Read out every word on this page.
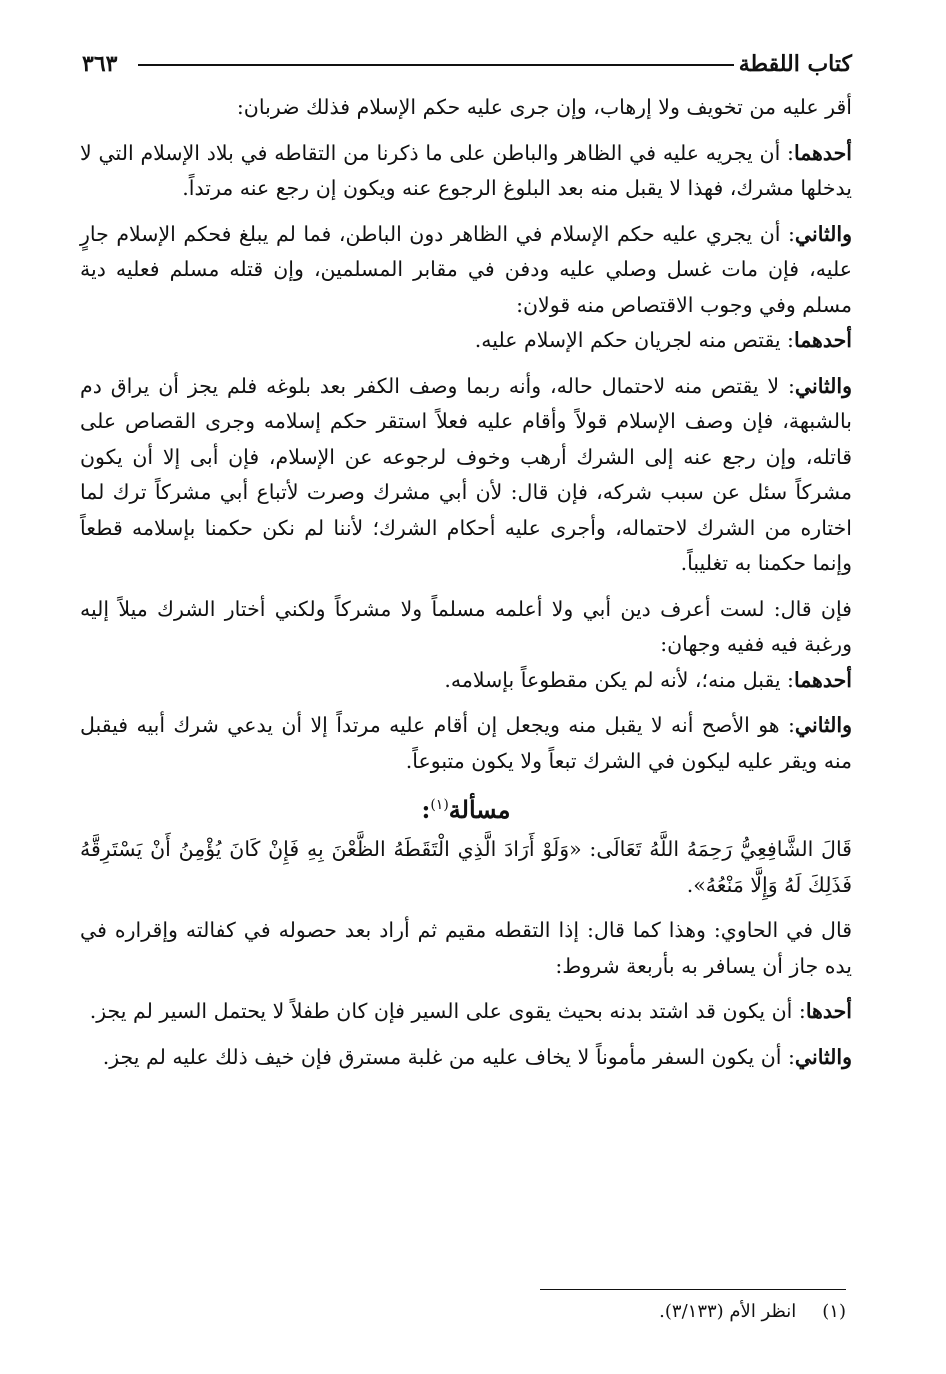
كتاب اللقطة
٣٦٣

أقر عليه من تخويف ولا إرهاب، وإن جرى عليه حكم الإسلام فذلك ضربان:

أحدهما: أن يجريه عليه في الظاهر والباطن على ما ذكرنا من التقاطه في بلاد الإسلام التي لا يدخلها مشرك، فهذا لا يقبل منه بعد البلوغ الرجوع عنه ويكون إن رجع عنه مرتداً.

والثاني: أن يجري عليه حكم الإسلام في الظاهر دون الباطن، فما لم يبلغ فحكم الإسلام جارٍ عليه، فإن مات غسل وصلي عليه ودفن في مقابر المسلمين، وإن قتله مسلم فعليه دية مسلم وفي وجوب الاقتصاص منه قولان:

أحدهما: يقتص منه لجريان حكم الإسلام عليه.

والثاني: لا يقتص منه لاحتمال حاله، وأنه ربما وصف الكفر بعد بلوغه فلم يجز أن يراق دم بالشبهة، فإن وصف الإسلام قولاً وأقام عليه فعلاً استقر حكم إسلامه وجرى القصاص على قاتله، وإن رجع عنه إلى الشرك أرهب وخوف لرجوعه عن الإسلام، فإن أبى إلا أن يكون مشركاً سئل عن سبب شركه، فإن قال: لأن أبي مشرك وصرت لأتباع أبي مشركاً ترك لما اختاره من الشرك لاحتماله، وأجرى عليه أحكام الشرك؛ لأننا لم نكن حكمنا بإسلامه قطعاً وإنما حكمنا به تغليباً.

فإن قال: لست أعرف دين أبي ولا أعلمه مسلماً ولا مشركاً ولكني أختار الشرك ميلاً إليه ورغبة فيه ففيه وجهان:

أحدهما: يقبل منه؛، لأنه لم يكن مقطوعاً بإسلامه.

والثاني: هو الأصح أنه لا يقبل منه ويجعل إن أقام عليه مرتداً إلا أن يدعي شرك أبيه فيقبل منه ويقر عليه ليكون في الشرك تبعاً ولا يكون متبوعاً.

مسألة$^{(١)}$:

قَالَ الشَّافِعِيُّ رَحِمَهُ اللَّهُ تَعَالَى: «وَلَوْ أَرَادَ الَّذِي الْتَقَطَهُ الظَّعْنَ بِهِ فَإِنْ كَانَ يُؤْمِنُ أَنْ يَسْتَرِقَّهُ فَذَلِكَ لَهُ وَإِلَّا مَنْعُهُ».

قال في الحاوي: وهذا كما قال: إذا التقطه مقيم ثم أراد بعد حصوله في كفالته وإقراره في يده جاز أن يسافر به بأربعة شروط:

أحدها: أن يكون قد اشتد بدنه بحيث يقوى على السير فإن كان طفلاً لا يحتمل السير لم يجز.

والثاني: أن يكون السفر مأموناً لا يخاف عليه من غلبة مسترق فإن خيف ذلك عليه لم يجز.

(١)انظر الأم (٣/١٣٣).
